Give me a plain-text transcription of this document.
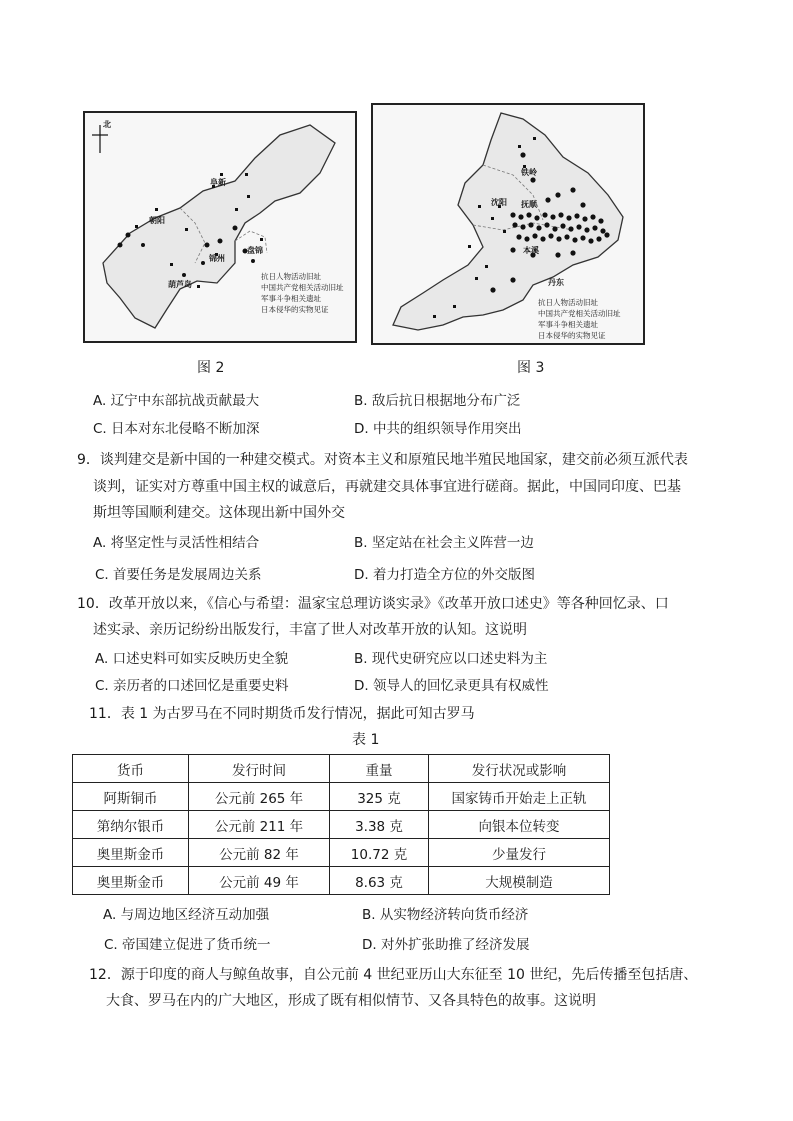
北
阜新
朝阳
锦州
葫芦岛
盘锦
抗日人物活动旧址
中国共产党相关活动旧址
军事斗争相关遗址
日本侵华的实物见证
图 2
铁岭
抚顺
沈阳
本溪
丹东
抗日人物活动旧址
中国共产党相关活动旧址
军事斗争相关遗址
日本侵华的实物见证
图 3
A. 辽宁中东部抗战贡献最大	B. 敌后抗日根据地分布广泛
C. 日本对东北侵略不断加深	D. 中共的组织领导作用突出
9．谈判建交是新中国的一种建交模式。对资本主义和原殖民地半殖民地国家，建交前必须互派代表
谈判，证实对方尊重中国主权的诚意后，再就建交具体事宜进行磋商。据此，中国同印度、巴基
斯坦等国顺利建交。这体现出新中国外交
A. 将坚定性与灵活性相结合	B. 坚定站在社会主义阵营一边
C. 首要任务是发展周边关系	D. 着力打造全方位的外交版图
10．改革开放以来，《信心与希望：温家宝总理访谈实录》《改革开放口述史》等各种回忆录、口
述实录、亲历记纷纷出版发行，丰富了世人对改革开放的认知。这说明
A. 口述史料可如实反映历史全貌	B. 现代史研究应以口述史料为主
C. 亲历者的口述回忆是重要史料	D. 领导人的回忆录更具有权威性
11．表 1 为古罗马在不同时期货币发行情况，据此可知古罗马
表 1
货币	发行时间	重量	发行状况或影响
阿斯铜币	公元前 265 年	325 克	国家铸币开始走上正轨
第纳尔银币	公元前 211 年	3.38 克	向银本位转变
奥里斯金币	公元前 82 年	10.72 克	少量发行
奥里斯金币	公元前 49 年	8.63 克	大规模制造
A. 与周边地区经济互动加强	B. 从实物经济转向货币经济
C. 帝国建立促进了货币统一	D. 对外扩张助推了经济发展
12．源于印度的商人与鲸鱼故事，自公元前 4 世纪亚历山大东征至 10 世纪，先后传播至包括唐、
大食、罗马在内的广大地区，形成了既有相似情节、又各具特色的故事。这说明
